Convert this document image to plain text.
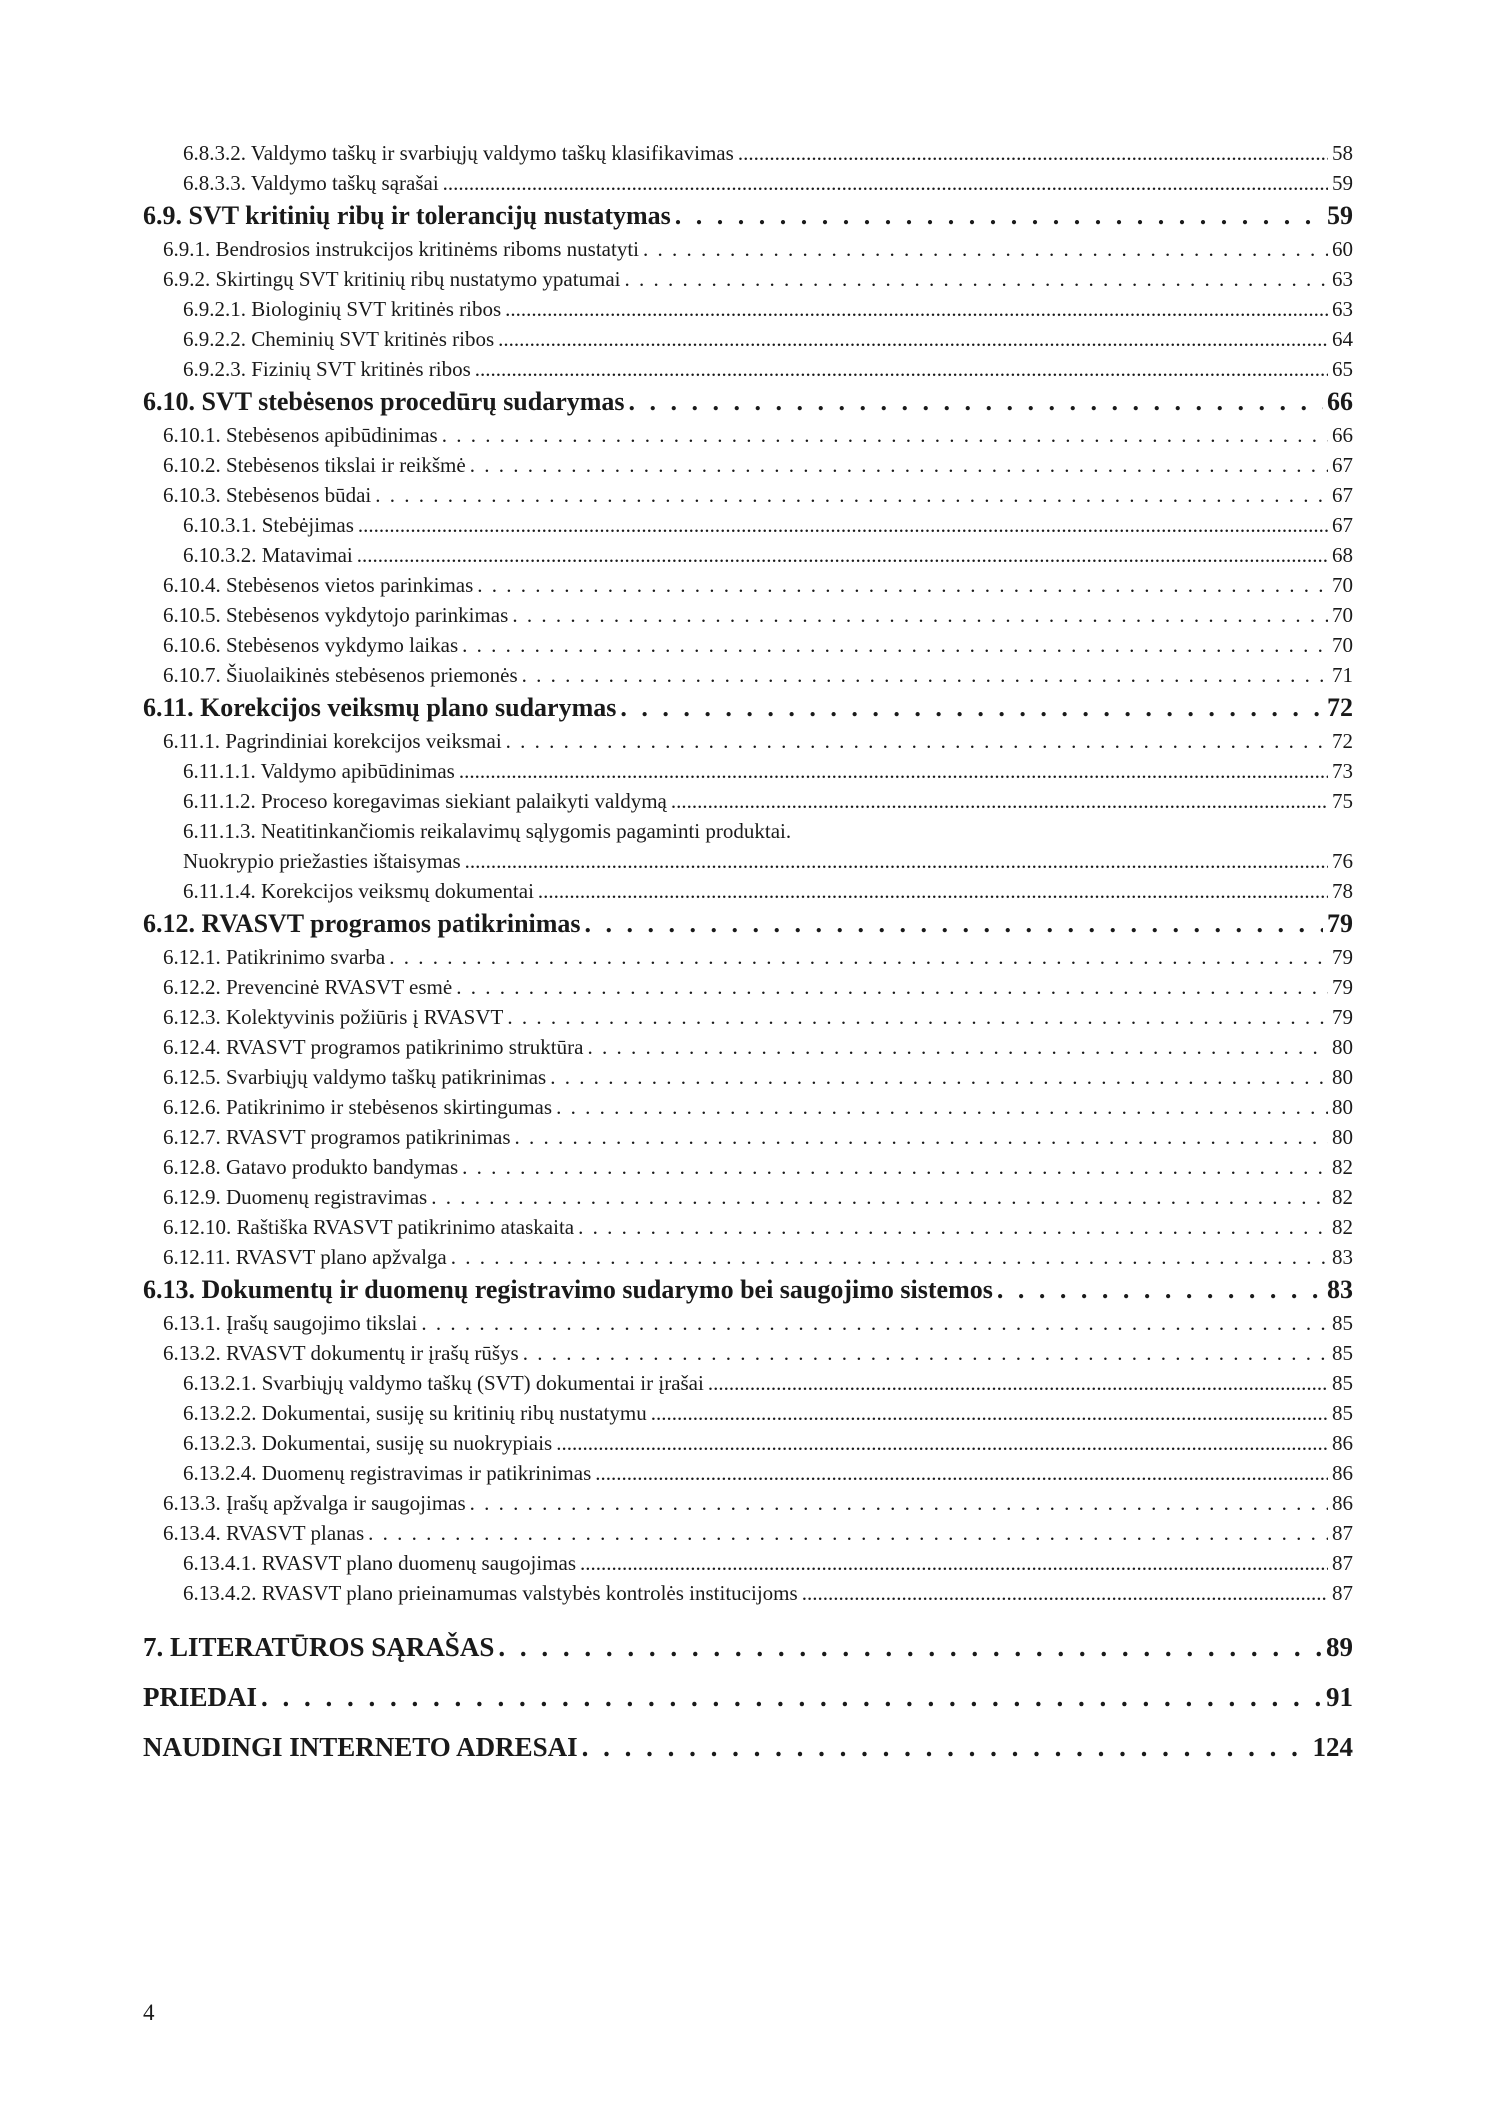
6.8.3.2. Valdymo taškų ir svarbiųjų valdymo taškų klasifikavimas .....	58
6.8.3.3. Valdymo taškų sąrašai .....	59
6.9. SVT kritinių ribų ir tolerancijų nustatymas . . .	59
6.9.1. Bendrosios instrukcijos kritinėms riboms nustatyti . . .	60
6.9.2. Skirtingų SVT kritinių ribų nustatymo ypatumai . . .	63
6.9.2.1. Biologinių SVT kritinės ribos .....	63
6.9.2.2. Cheminių SVT kritinės ribos .....	64
6.9.2.3. Fizinių SVT kritinės ribos .....	65
6.10. SVT stebėsenos procedūrų sudarymas . . .	66
6.10.1. Stebėsenos apibūdinimas . . .	66
6.10.2. Stebėsenos tikslai ir reikšmė . . .	67
6.10.3. Stebėsenos būdai . . .	67
6.10.3.1. Stebėjimas .....	67
6.10.3.2. Matavimai .....	68
6.10.4. Stebėsenos vietos parinkimas . . .	70
6.10.5. Stebėsenos vykdytojo parinkimas . . .	70
6.10.6. Stebėsenos vykdymo laikas . . .	70
6.10.7. Šiuolaikinės stebėsenos priemonės . . .	71
6.11. Korekcijos veiksmų plano sudarymas . . .	72
6.11.1. Pagrindiniai korekcijos veiksmai . . .	72
6.11.1.1. Valdymo apibūdinimas .....	73
6.11.1.2. Proceso koregavimas siekiant palaikyti valdymą .....	75
6.11.1.3. Neatitinkančiomis reikalavimų sąlygomis pagaminti produktai.
Nuokrypio priežasties ištaisymas .....	76
6.11.1.4. Korekcijos veiksmų dokumentai .....	78
6.12. RVASVT programos patikrinimas . . .	79
6.12.1. Patikrinimo svarba . . .	79
6.12.2. Prevencinė RVASVT esmė . . .	79
6.12.3. Kolektyvinis požiūris į RVASVT . . .	79
6.12.4. RVASVT programos patikrinimo struktūra . . .	80
6.12.5. Svarbiųjų valdymo taškų patikrinimas . . .	80
6.12.6. Patikrinimo ir stebėsenos skirtingumas . . .	80
6.12.7. RVASVT programos patikrinimas . . .	80
6.12.8. Gatavo produkto bandymas . . .	82
6.12.9. Duomenų registravimas . . .	82
6.12.10. Raštiška RVASVT patikrinimo ataskaita . . .	82
6.12.11. RVASVT plano apžvalga . . .	83
6.13. Dokumentų ir duomenų registravimo sudarymo bei saugojimo sistemos . . .	83
6.13.1. Įrašų saugojimo tikslai . . .	85
6.13.2. RVASVT dokumentų ir įrašų rūšys . . .	85
6.13.2.1. Svarbiųjų valdymo taškų (SVT) dokumentai ir įrašai .....	85
6.13.2.2. Dokumentai, susiję su kritinių ribų nustatymu .....	85
6.13.2.3. Dokumentai, susiję su nuokrypiais .....	86
6.13.2.4. Duomenų registravimas ir patikrinimas .....	86
6.13.3. Įrašų apžvalga ir saugojimas . . .	86
6.13.4. RVASVT planas . . .	87
6.13.4.1. RVASVT plano duomenų saugojimas .....	87
6.13.4.2. RVASVT plano prieinamumas valstybės kontrolės institucijoms .....	87
7. LITERATŪROS SĄRAŠAS . . .	89
PRIEDAI . . .	91
NAUDINGI INTERNETO ADRESAI . . .	124
4
